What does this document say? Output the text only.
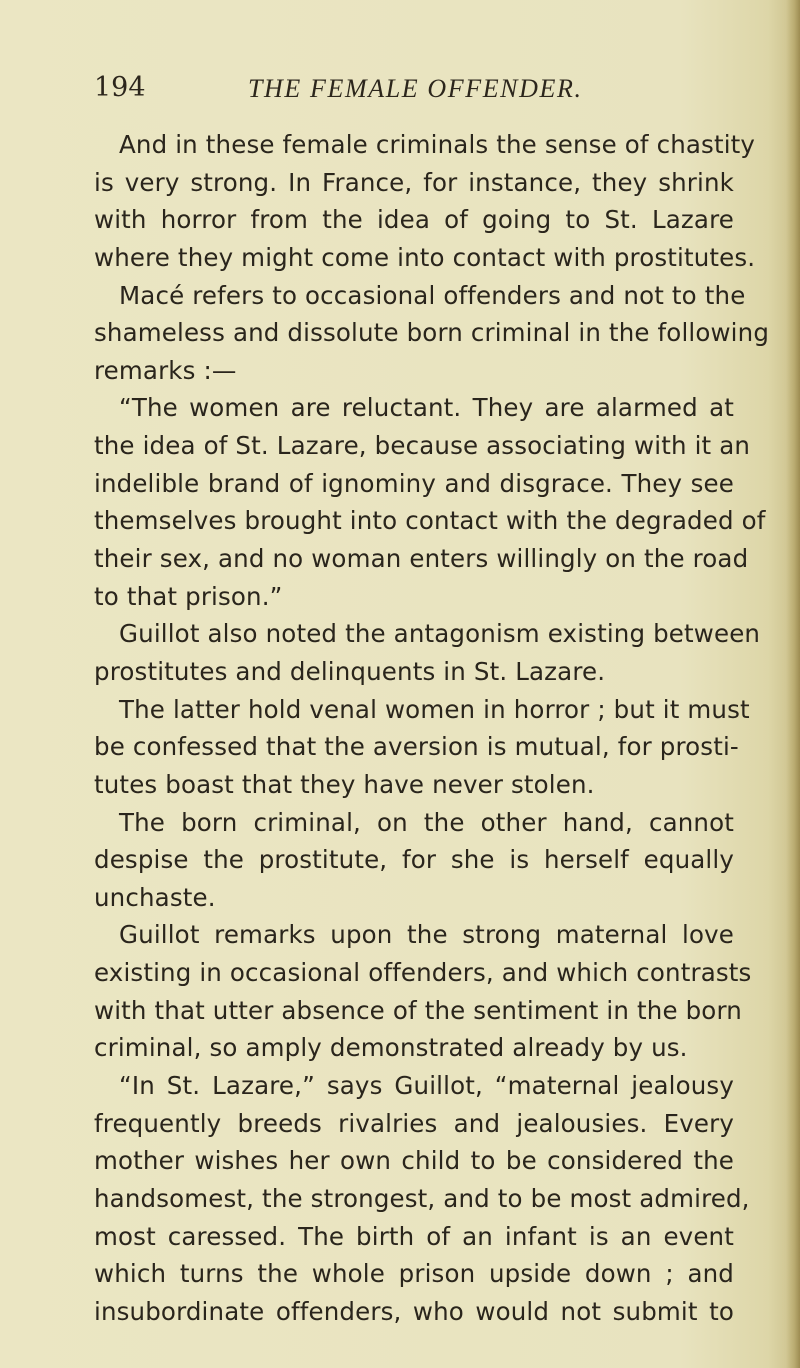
194	THE FEMALE OFFENDER.
And in these female criminals the sense of chastity
is very strong. In France, for instance, they shrink
with horror from the idea of going to St. Lazare
where they might come into contact with prostitutes.
Macé refers to occasional offenders and not to the
shameless and dissolute born criminal in the following
remarks :—
“The women are reluctant. They are alarmed at
the idea of St. Lazare, because associating with it an
indelible brand of ignominy and disgrace. They see
themselves brought into contact with the degraded of
their sex, and no woman enters willingly on the road
to that prison.”
Guillot also noted the antagonism existing between
prostitutes and delinquents in St. Lazare.
The latter hold venal women in horror ; but it must
be confessed that the aversion is mutual, for prosti-
tutes boast that they have never stolen.
The born criminal, on the other hand, cannot
despise the prostitute, for she is herself equally
unchaste.
Guillot remarks upon the strong maternal love
existing in occasional offenders, and which contrasts
with that utter absence of the sentiment in the born
criminal, so amply demonstrated already by us.
“In St. Lazare,” says Guillot, “maternal jealousy
frequently breeds rivalries and jealousies. Every
mother wishes her own child to be considered the
handsomest, the strongest, and to be most admired,
most caressed. The birth of an infant is an event
which turns the whole prison upside down ; and
insubordinate offenders, who would not submit to
